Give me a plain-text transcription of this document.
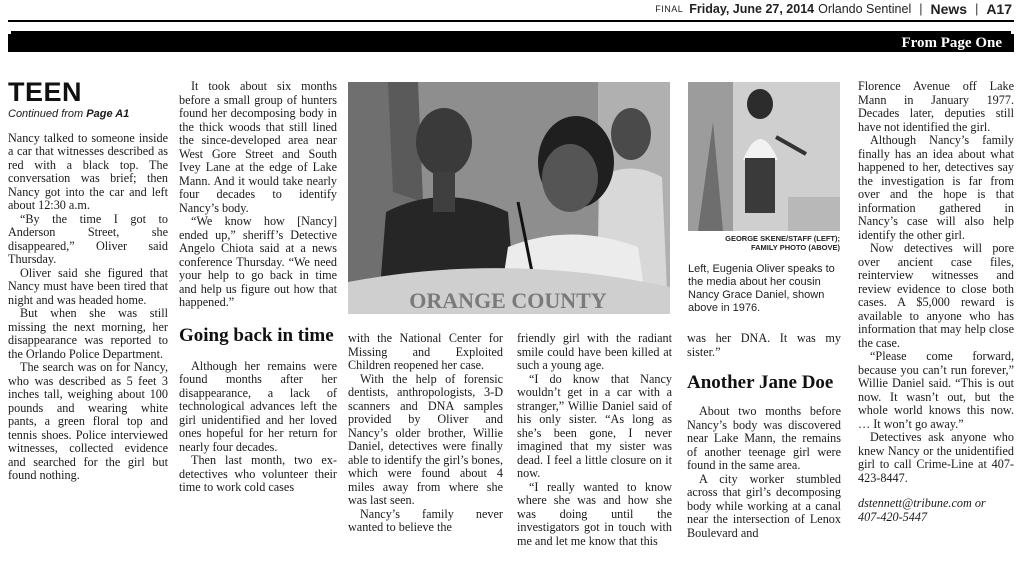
FINAL Friday, June 27, 2014 Orlando Sentinel | News | A17
From Page One
TEEN
Continued from Page A1

Nancy talked to someone inside a car that witnesses described as red with a black top. The conversation was brief; then Nancy got into the car and left about 12:30 a.m.

“By the time I got to Anderson Street, she disappeared,” Oliver said Thursday.

Oliver said she figured that Nancy must have been tired that night and was headed home.

But when she was still missing the next morning, her disappearance was reported to the Orlando Police Department.

The search was on for Nancy, who was described as 5 feet 3 inches tall, weighing about 100 pounds and wearing white pants, a green floral top and tennis shoes. Police interviewed witnesses, collected evidence and searched for the girl but found nothing.

It took about six months before a small group of hunters found her decomposing body in the thick woods that still lined the since-developed area near West Gore Street and South Ivey Lane at the edge of Lake Mann. And it would take nearly four decades to identify Nancy’s body.

“We know how [Nancy] ended up,” sheriff’s Detective Angelo Chiota said at a news conference Thursday. “We need your help to go back in time and help us figure out how that happened.”

Going back in time

Although her remains were found months after her disappearance, a lack of technological advances left the girl unidentified and her loved ones hopeful for her return for nearly four decades.

Then last month, two ex-detectives who volunteer their time to work cold cases

ORANGE COUNTY

with the National Center for Missing and Exploited Children reopened her case.

With the help of forensic dentists, anthropologists, 3-D scanners and DNA samples provided by Oliver and Nancy’s older brother, Willie Daniel, detectives were finally able to identify the girl’s bones, which were found about 4 miles away from where she was last seen.

Nancy’s family never wanted to believe the

friendly girl with the radiant smile could have been killed at such a young age.

“I do know that Nancy wouldn’t get in a car with a stranger,” Willie Daniel said of his only sister. “As long as she’s been gone, I never imagined that my sister was dead. I feel a little closure on it now.

“I really wanted to know where she was and how she was doing until the investigators got in touch with me and let me know that this

GEORGE SKENE/STAFF (LEFT);
FAMILY PHOTO (ABOVE)
Left, Eugenia Oliver speaks to the media about her cousin Nancy Grace Daniel, shown above in 1976.

was her DNA. It was my sister.”

Another Jane Doe

About two months before Nancy’s body was discovered near Lake Mann, the remains of another teenage girl were found in the same area.

A city worker stumbled across that girl’s decomposing body while working at a canal near the intersection of Lenox Boulevard and

Florence Avenue off Lake Mann in January 1977. Decades later, deputies still have not identified the girl.

Although Nancy’s family finally has an idea about what happened to her, detectives say the investigation is far from over and the hope is that information gathered in Nancy’s case will also help identify the other girl.

Now detectives will pore over ancient case files, reinterview witnesses and review evidence to close both cases. A $5,000 reward is available to anyone who has information that may help close the case.

“Please come forward, because you can’t run forever,” Willie Daniel said. “This is out now. It wasn’t out, but the whole world knows this now. … It won’t go away.”

Detectives ask anyone who knew Nancy or the unidentified girl to call Crime-Line at 407-423-8447.

dstennett@tribune.com or

407-420-5447
